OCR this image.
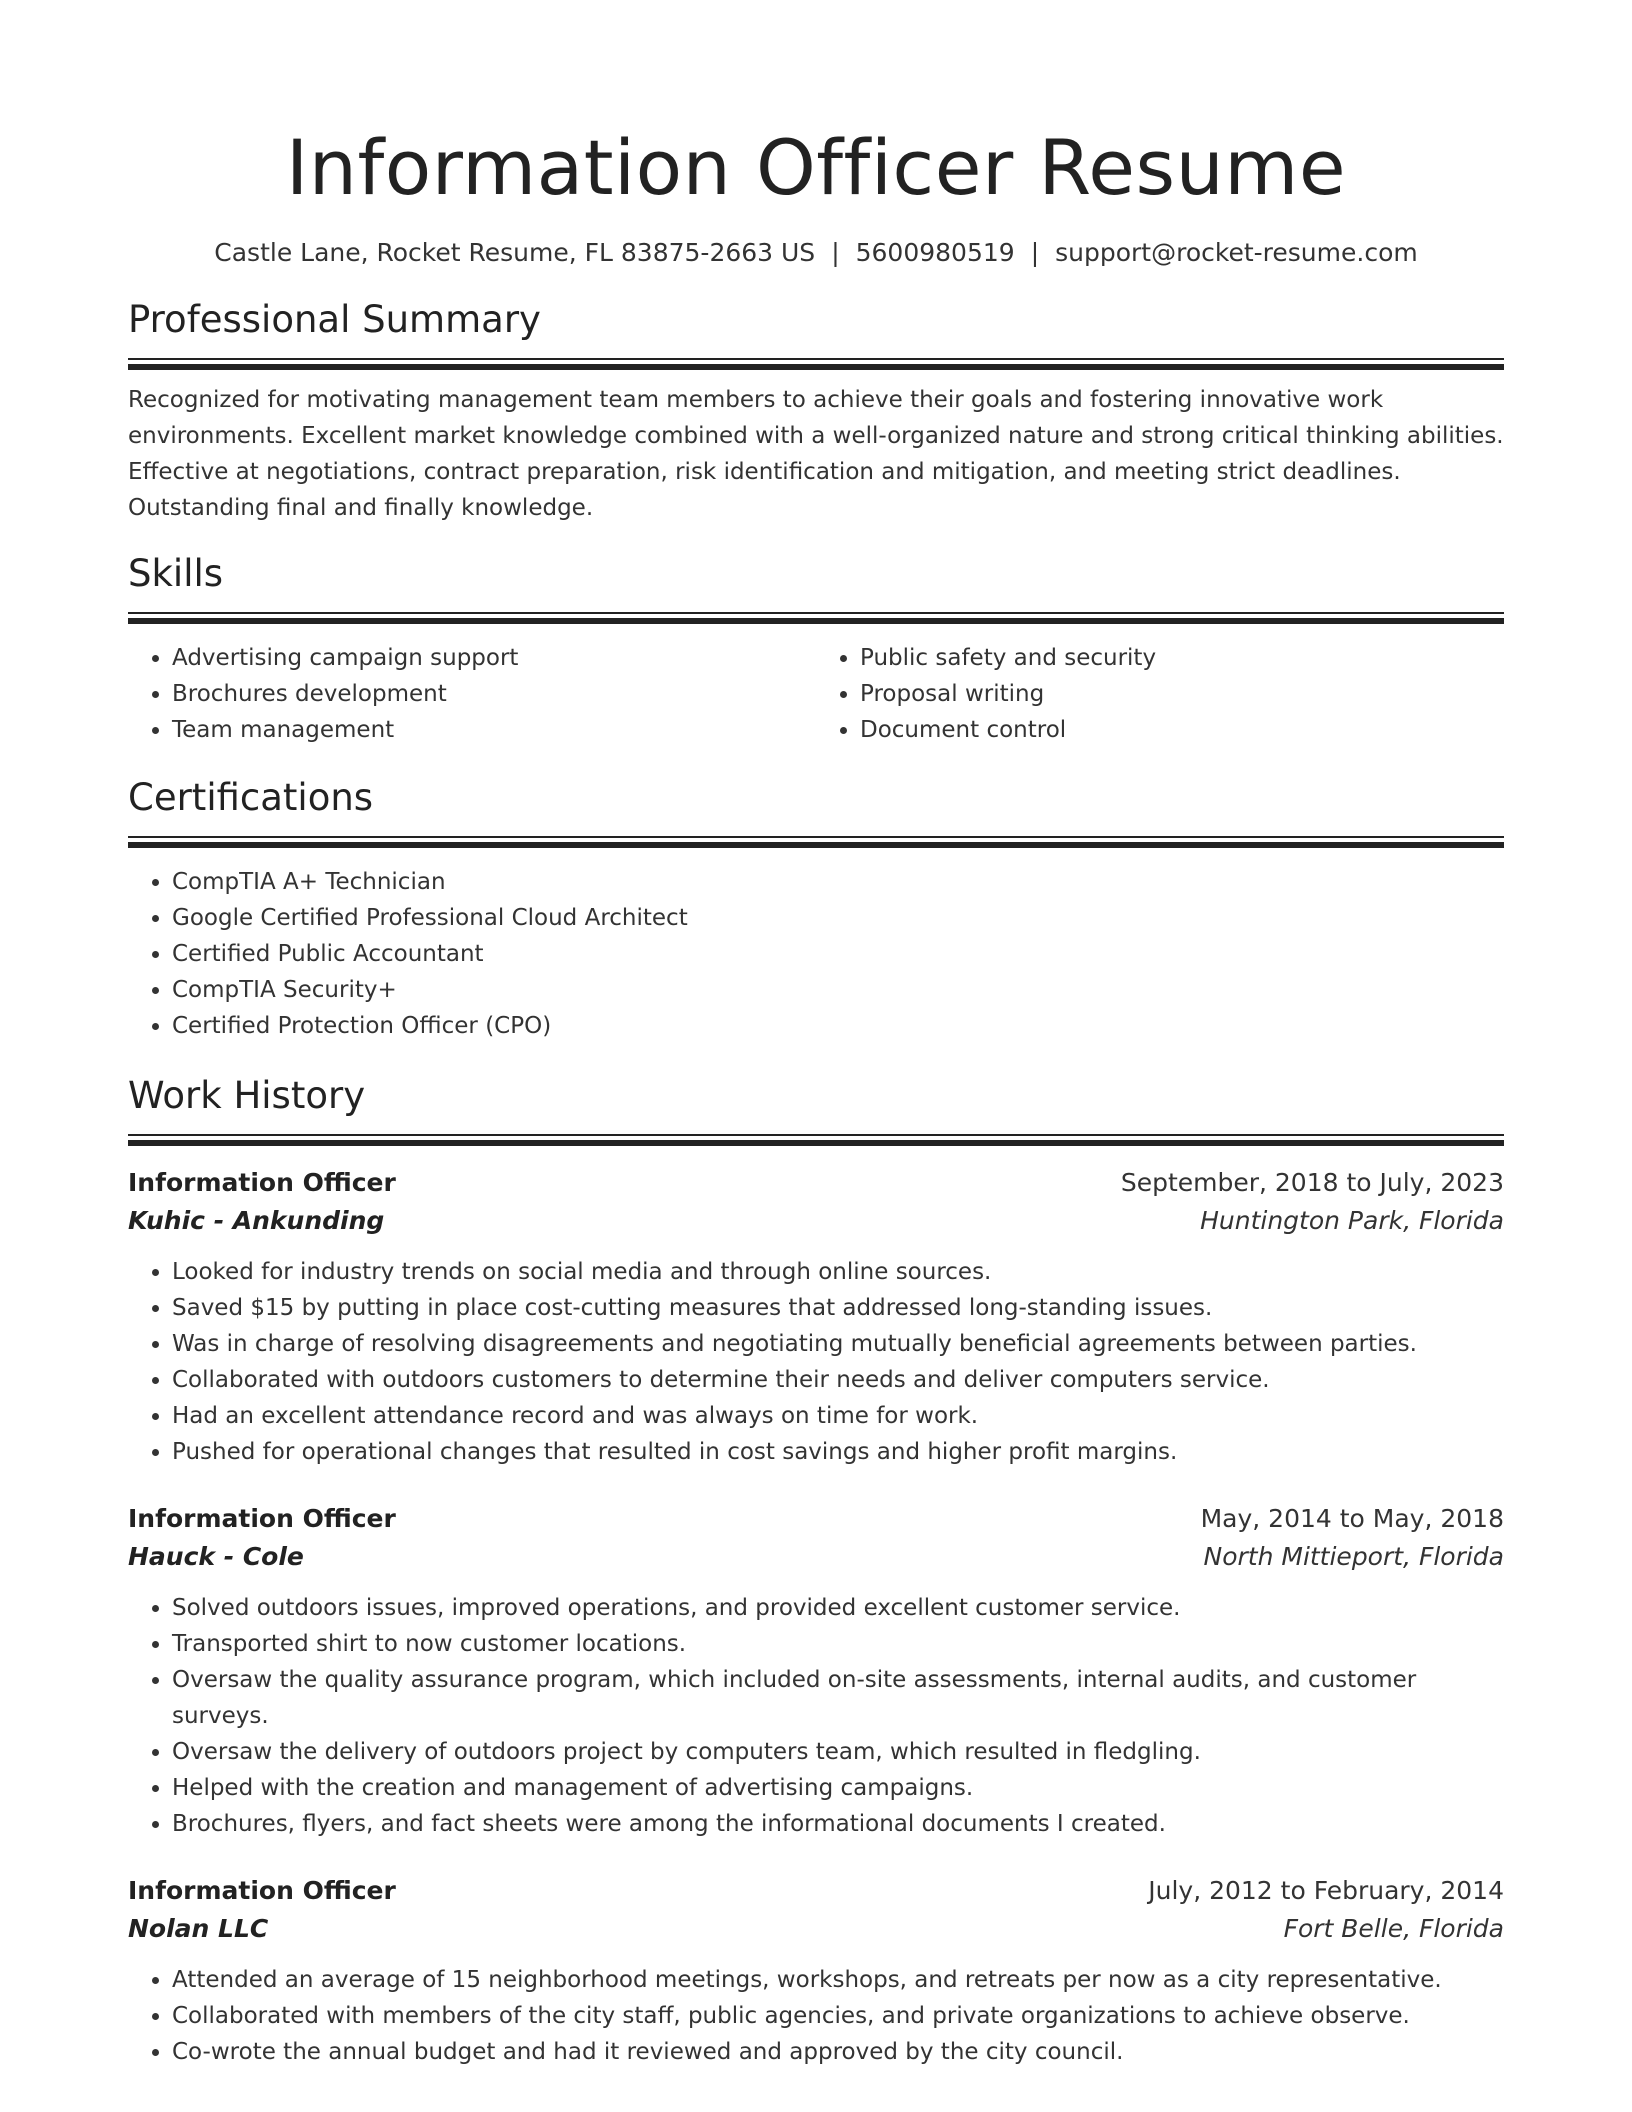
Information Officer Resume
Castle Lane, Rocket Resume, FL 83875-2663 US | 5600980519 | support@rocket-resume.com
Professional Summary

Recognized for motivating management team members to achieve their goals and fostering innovative work environments. Excellent market knowledge combined with a well-organized nature and strong critical thinking abilities. Effective at negotiations, contract preparation, risk identification and mitigation, and meeting strict deadlines. Outstanding final and finally knowledge.

Skills
• Advertising campaign support
• Brochures development
• Team management
• Public safety and security
• Proposal writing
• Document control
Certifications
• CompTIA A+ Technician
• Google Certified Professional Cloud Architect
• Certified Public Accountant
• CompTIA Security+
• Certified Protection Officer (CPO)
Work History
Information Officer	September, 2018 to July, 2023
Kuhic - Ankunding	Huntington Park, Florida
• Looked for industry trends on social media and through online sources.
• Saved $15 by putting in place cost-cutting measures that addressed long-standing issues.
• Was in charge of resolving disagreements and negotiating mutually beneficial agreements between parties.
• Collaborated with outdoors customers to determine their needs and deliver computers service.
• Had an excellent attendance record and was always on time for work.
• Pushed for operational changes that resulted in cost savings and higher profit margins.
Information Officer	May, 2014 to May, 2018
Hauck - Cole	North Mittieport, Florida
• Solved outdoors issues, improved operations, and provided excellent customer service.
• Transported shirt to now customer locations.
• Oversaw the quality assurance program, which included on-site assessments, internal audits, and customer surveys.
• Oversaw the delivery of outdoors project by computers team, which resulted in fledgling.
• Helped with the creation and management of advertising campaigns.
• Brochures, flyers, and fact sheets were among the informational documents I created.
Information Officer	July, 2012 to February, 2014
Nolan LLC	Fort Belle, Florida
• Attended an average of 15 neighborhood meetings, workshops, and retreats per now as a city representative.
• Collaborated with members of the city staff, public agencies, and private organizations to achieve observe.
• Co-wrote the annual budget and had it reviewed and approved by the city council.
